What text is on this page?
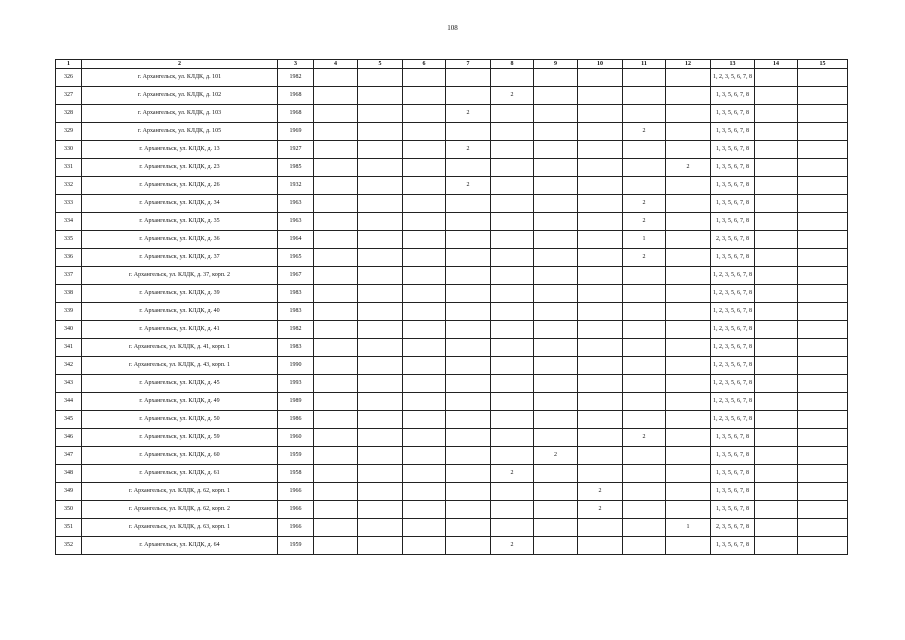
108
1	2	3	4	5	6	7	8	9	10	11	12	13	14	15
326	г. Архангельск, ул. КЛДК, д. 101	1982										1, 2, 3, 5, 6, 7, 8		
327	г. Архангельск, ул. КЛДК, д. 102	1968					2					1, 3, 5, 6, 7, 8		
328	г. Архангельск, ул. КЛДК, д. 103	1968				2						1, 3, 5, 6, 7, 8		
329	г. Архангельск, ул. КЛДК, д. 105	1969								2		1, 3, 5, 6, 7, 8		
330	г. Архангельск, ул. КЛДК, д. 13	1927				2						1, 3, 5, 6, 7, 8		
331	г. Архангельск, ул. КЛДК, д. 23	1985									2	1, 3, 5, 6, 7, 8		
332	г. Архангельск, ул. КЛДК, д. 26	1932				2						1, 3, 5, 6, 7, 8		
333	г. Архангельск, ул. КЛДК, д. 34	1963								2		1, 3, 5, 6, 7, 8		
334	г. Архангельск, ул. КЛДК, д. 35	1963								2		1, 3, 5, 6, 7, 8		
335	г. Архангельск, ул. КЛДК, д. 36	1964								1		2, 3, 5, 6, 7, 8		
336	г. Архангельск, ул. КЛДК, д. 37	1965								2		1, 3, 5, 6, 7, 8		
337	г. Архангельск, ул. КЛДК, д. 37, корп. 2	1967										1, 2, 3, 5, 6, 7, 8		
338	г. Архангельск, ул. КЛДК, д. 39	1983										1, 2, 3, 5, 6, 7, 8		
339	г. Архангельск, ул. КЛДК, д. 40	1983										1, 2, 3, 5, 6, 7, 8		
340	г. Архангельск, ул. КЛДК, д. 41	1982										1, 2, 3, 5, 6, 7, 8		
341	г. Архангельск, ул. КЛДК, д. 41, корп. 1	1983										1, 2, 3, 5, 6, 7, 8		
342	г. Архангельск, ул. КЛДК, д. 43, корп. 1	1990										1, 2, 3, 5, 6, 7, 8		
343	г. Архангельск, ул. КЛДК, д. 45	1993										1, 2, 3, 5, 6, 7, 8		
344	г. Архангельск, ул. КЛДК, д. 49	1989										1, 2, 3, 5, 6, 7, 8		
345	г. Архангельск, ул. КЛДК, д. 50	1986										1, 2, 3, 5, 6, 7, 8		
346	г. Архангельск, ул. КЛДК, д. 59	1960								2		1, 3, 5, 6, 7, 8		
347	г. Архангельск, ул. КЛДК, д. 60	1959						2				1, 3, 5, 6, 7, 8		
348	г. Архангельск, ул. КЛДК, д. 61	1958					2					1, 3, 5, 6, 7, 8		
349	г. Архангельск, ул. КЛДК, д. 62, корп. 1	1966							2			1, 3, 5, 6, 7, 8		
350	г. Архангельск, ул. КЛДК, д. 62, корп. 2	1966							2			1, 3, 5, 6, 7, 8		
351	г. Архангельск, ул. КЛДК, д. 63, корп. 1	1966									1	2, 3, 5, 6, 7, 8		
352	г. Архангельск, ул. КЛДК, д. 64	1959					2					1, 3, 5, 6, 7, 8		
